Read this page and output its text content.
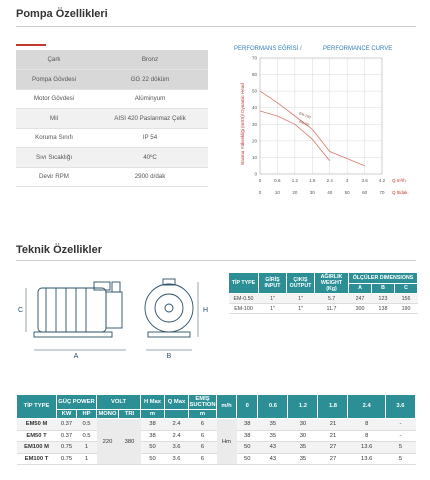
Pompa Özellikleri
Çark	Bronz
Pompa Gövdesi	GG 22 döküm
Motor Gövdesi	Alüminyum
Mil	AISI 420 Paslanmaz Çelik
Koruma Sınıfı	IP 54
Sıvı Sıcaklığı	40ºC
Devir RPM	2900 d/dak
PERFORMANS EĞRİSİ /	PERFORMANCE CURVE
Basma Yüksekliği (mSS)/ Dynamic Head
0
10
20
30
40
50
60
70
0	0.6 1.2 1.8 2.4	3	3.6 4.2
0	10	20	30	40	50	60	70
EM-100
EM-50
Q m³/h
Q lt/dak.
Teknik Özellikler
A	B
H
C
TİP TYPE	GİRİŞ INPUT	ÇIKIŞ OUTPUT	AĞIRLIK WEIGHT (Kg)	ÖLÇÜLER DIMENSIONS		
				A	B	C
EM-0.50	1"	1"	5.7	247	123	156
EM-100	1"	1"	11.7	300	138	190
TİP TYPE	GÜÇ POWER		VOLT		H Max	Q Max	EMİŞ SUCTION	m/h	0	0.6	1.2	1.8	2.4	3.6
	KW	HP	MONO	TRI	m		m							
EM50 M	0.37	0.5	220	380	38	2.4	6	Hm	38	35	30	21	8	-
EM50 T	0.37	0.5			38	2.4	6		38	35	30	21	8	-
EM100 M	0.75	1			50	3.6	6		50	43	35	27	13.6	5
EM100 T	0.75	1			50	3.6	6		50	43	35	27	13.6	5
